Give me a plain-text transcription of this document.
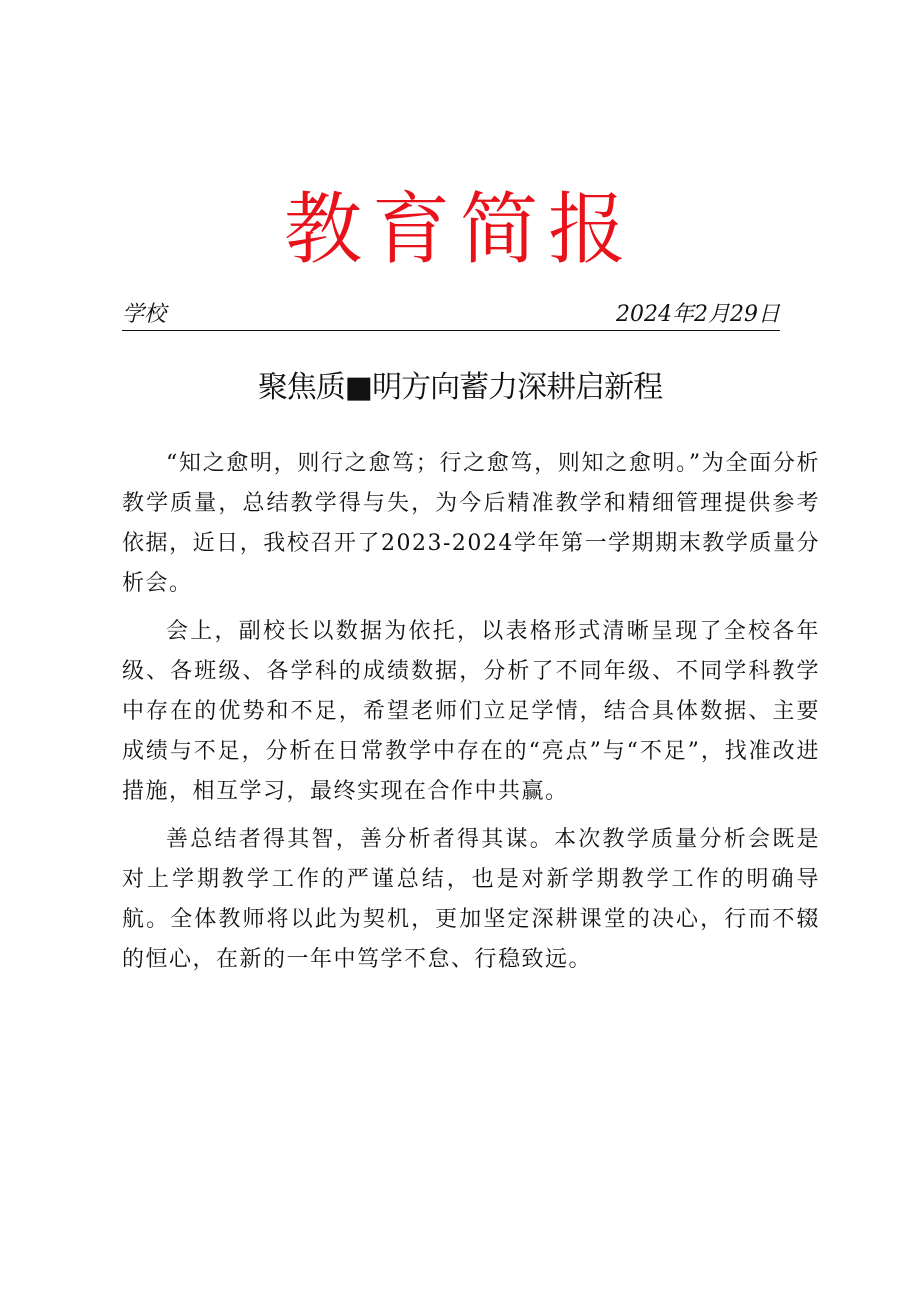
教育简报
学校	2024年2月29日
聚焦质■明方向蓄力深耕启新程

“知之愈明，则行之愈笃；行之愈笃，则知之愈明。”为全面分析教学质量，总结教学得与失，为今后精准教学和精细管理提供参考依据，近日，我校召开了2023-2024学年第一学期期末教学质量分析会。

会上，副校长以数据为依托，以表格形式清晰呈现了全校各年级、各班级、各学科的成绩数据，分析了不同年级、不同学科教学中存在的优势和不足，希望老师们立足学情，结合具体数据、主要成绩与不足，分析在日常教学中存在的“亮点”与“不足”，找准改进措施，相互学习，最终实现在合作中共赢。

善总结者得其智，善分析者得其谋。本次教学质量分析会既是对上学期教学工作的严谨总结，也是对新学期教学工作的明确导航。全体教师将以此为契机，更加坚定深耕课堂的决心，行而不辍的恒心，在新的一年中笃学不怠、行稳致远。
